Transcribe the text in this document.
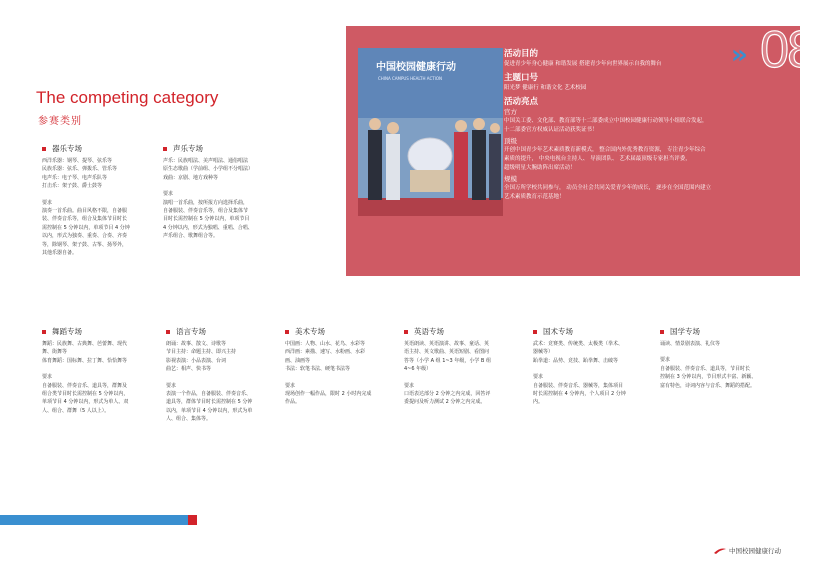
The competing category
参赛类别
中国校园健康行动
CHINA CAMPUS HEALTH ACTION
活动目的
促进青少年身心健康 和谐发展 搭建青少年向世界展示自我的舞台
主题口号
阳光梦 健康行 和谐文化 艺术校园
活动亮点
官方
中国关工委、文化部、教育部等十二部委成立中国校园健康行动领导小组联合发起，
十二部委官方权威认证活动获奖证书！
顶级
开创中国青少年艺术素质教育新模式， 整合国内外优秀教育资源， 专注青少年综合
素质的提升， 中央电视台主持人、 导演团队、 艺术届最顶级专家担当评委，
超级明星大腕助阵出席活动！
规模
全国万所学校共同参与， 动员全社会共同关爱青少年的成长， 逐步在全国范围内建立
艺术素质教育示范基地！
» 08
器乐专场
西洋乐器：钢琴、提琴、弦乐等
民族乐器：弦乐、弹拨乐、管乐等
电声乐：电子琴、电声乐队等
打击乐：架子鼓、爵士鼓等
要求
演奏一首乐曲。曲目风格不限，自备服
装、伴奏音乐等，组合及集体节目时长
需控制在 5 分钟以内，单项节目 4 分钟
以内，形式为独奏、重奏、合奏、齐奏
等，除钢琴、架子鼓、古筝、扬琴外，
其他乐器自备。
声乐专场
声乐：民族唱法、美声唱法、通俗唱法
原生态歌曲（学前组、小学组不分唱法）
戏曲：京剧、地方戏种等
要求
演唱一首乐曲，按所报方向选择乐曲，
自备服装、伴奏音乐等，组合及集体节
目时长需控制在 5 分钟以内，单项节目
4 分钟以内，形式为独唱、重唱、合唱、
声乐组合、歌舞组合等。
舞蹈专场
舞蹈：民族舞、古典舞、芭蕾舞、现代
舞、街舞等
体育舞蹈：国标舞、拉丁舞、恰恰舞等
要求
自备服装、伴奏音乐、道具等，群舞及
组合类节目时长需控制在 5 分钟以内，
单项节目 4 分钟以内，形式为单人、双
人、组合、群舞（5 人以上）。
语言专场
朗诵：故事、散文、诗歌等
节目主持：命题主持、即兴主持
影视表演：小品表演、台词
曲艺：相声、快书等
要求
表演一个作品，自备服装、伴奏音乐、
道具等，群体节目时长需控制在 5 分钟
以内，单项节目 4 分钟以内，形式为单
人、组合、集体等。
美术专场
中国画：人物、山水、花鸟、水彩等
西洋画：素描、速写、水粉画、水彩
画、油画等
书法：软笔书法、硬笔书法等
要求
现场创作一幅作品，限时 2 小时内完成
作品。
英语专场
英语朗读、英语演讲、故事、童话、英
语主持、英文歌曲、英语短剧、看图问
答等（小学 A 组 1~3 年级，小学 B 组
4~6 年级）
要求
口语表达部分 2 分钟之内完成，回答评
委提问及听力测试 2 分钟之内完成。
国术专场
武术：竞赛类、传统类、太极类（拳术、
器械等）
跆拳道：品势、竞技、跆拳舞、击破等
要求
自备服装、伴奏音乐、器械等，集体项目
时长需控制在 4 分钟内，个人项目 2 分钟
内。
国学专场
诵读、情景剧表演、礼仪等
要求
自备服装、伴奏音乐、道具等，节目时长
控制在 3 分钟以内，节目形式丰富、新颖、
富有特色，诗词内容与音乐、舞蹈的搭配。
中国校园健康行动
